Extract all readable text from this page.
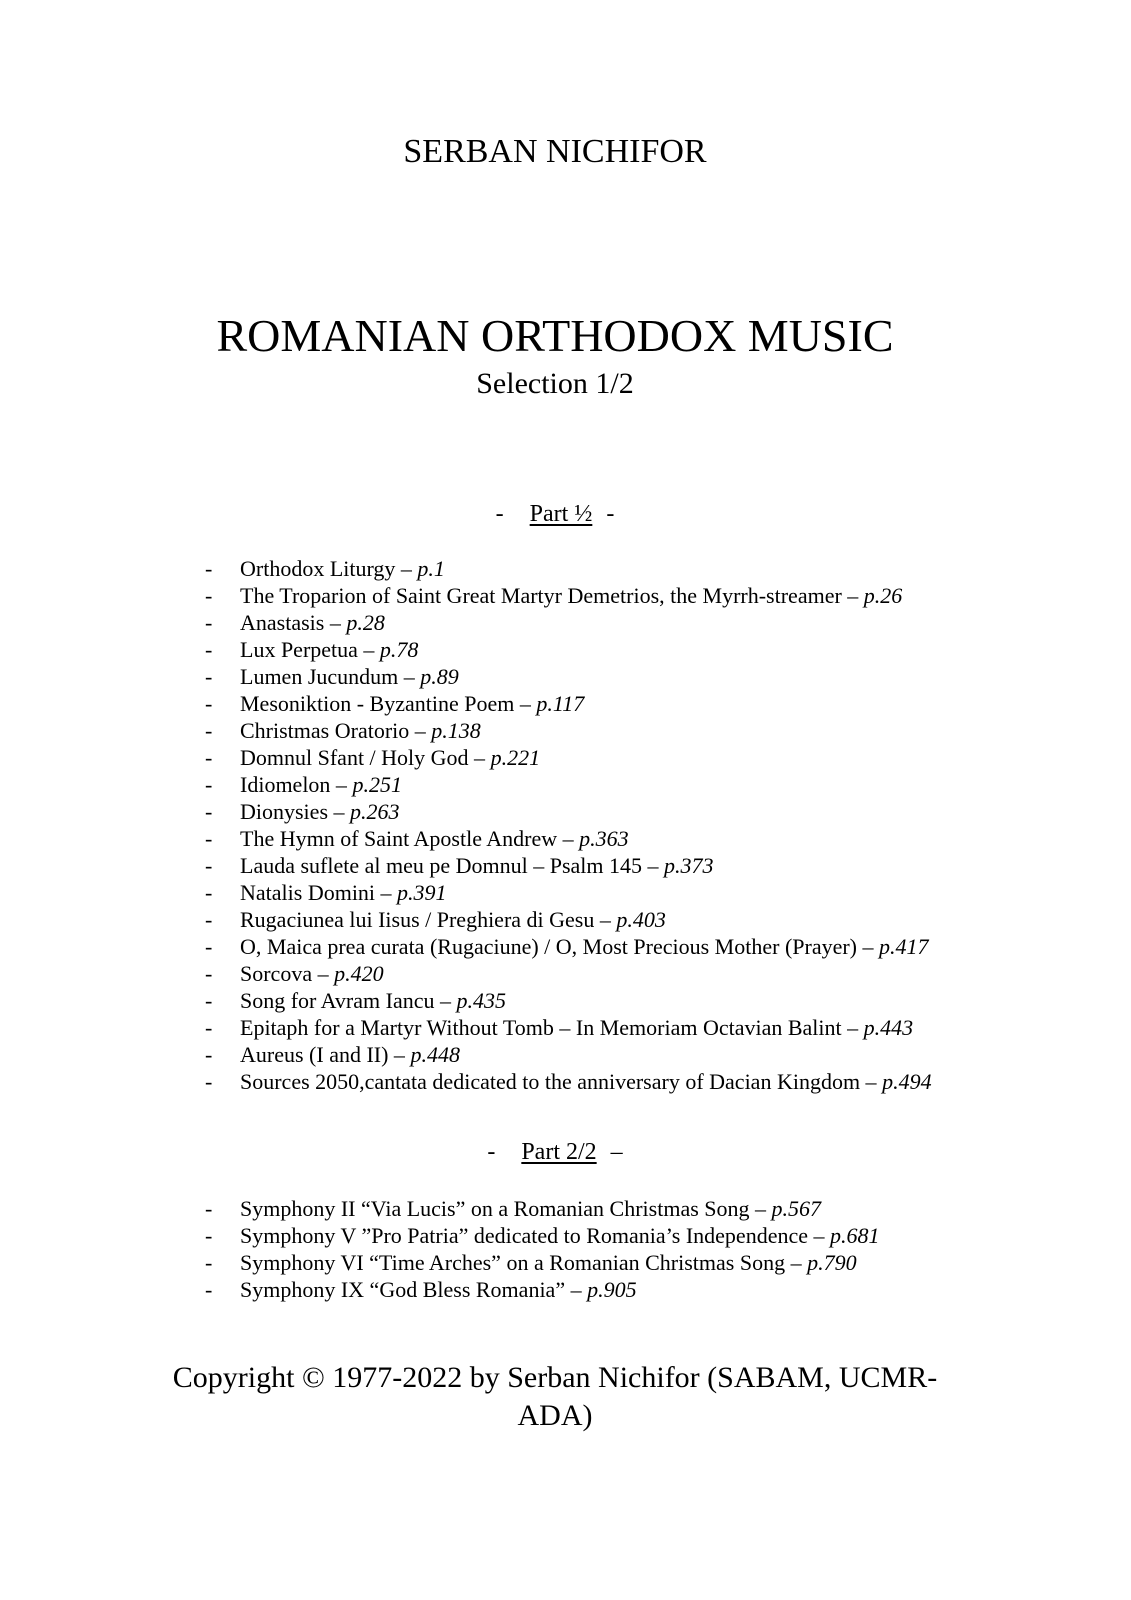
SERBAN NICHIFOR
ROMANIAN ORTHODOX MUSIC
Selection 1/2
- Part ½ -
-	Orthodox Liturgy – p.1
-	The Troparion of Saint Great Martyr Demetrios, the Myrrh-streamer – p.26
-	Anastasis – p.28
-	Lux Perpetua – p.78
-	Lumen Jucundum – p.89
-	Mesoniktion - Byzantine Poem – p.117
-	Christmas Oratorio – p.138
-	Domnul Sfant / Holy God – p.221
-	Idiomelon – p.251
-	Dionysies – p.263
-	The Hymn of Saint Apostle Andrew – p.363
-	Lauda suflete al meu pe Domnul – Psalm 145 – p.373
-	Natalis Domini – p.391
-	Rugaciunea lui Iisus / Preghiera di Gesu – p.403
-	O, Maica prea curata (Rugaciune) / O, Most Precious Mother (Prayer) – p.417
-	Sorcova – p.420
-	Song for Avram Iancu – p.435
-	Epitaph for a Martyr Without Tomb – In Memoriam Octavian Balint – p.443
-	Aureus (I and II) – p.448
-	Sources 2050,cantata dedicated to the anniversary of Dacian Kingdom – p.494
- Part 2/2 –
-	Symphony II “Via Lucis” on a Romanian Christmas Song – p.567
-	Symphony V ”Pro Patria” dedicated to Romania’s Independence – p.681
-	Symphony VI “Time Arches” on a Romanian Christmas Song – p.790
-	Symphony IX “God Bless Romania” – p.905
Copyright © 1977-2022 by Serban Nichifor (SABAM, UCMR-ADA)
